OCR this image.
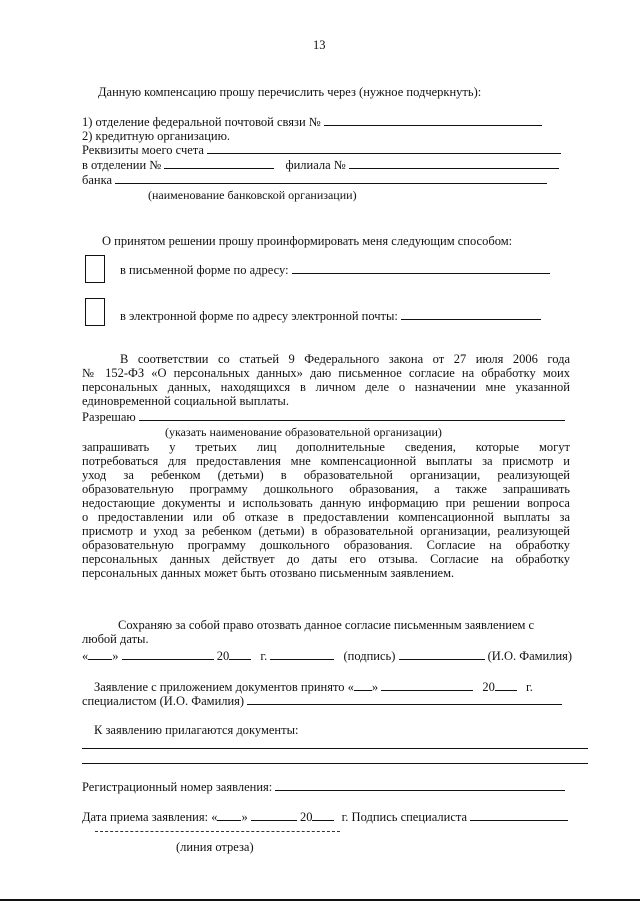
13
Данную компенсацию прошу перечислить через (нужное подчеркнуть):
1) отделение федеральной почтовой связи №
2) кредитную организацию.
Реквизиты моего счета
в отделении №	филиала №
банка
(наименование банковской организации)
О принятом решении прошу проинформировать меня следующим способом:
в письменной форме по адресу:
в электронной форме по адресу электронной почты:
В соответствии со статьей 9 Федерального закона от 27 июля 2006 года
№ 152-ФЗ «О персональных данных» даю письменное согласие на обработку моих
персональных данных, находящихся в личном деле о назначении мне указанной
единовременной социальной выплаты.
Разрешаю
(указать наименование образовательной организации)
запрашивать у третьих лиц дополнительные сведения, которые могут
потребоваться для предоставления мне компенсационной выплаты за присмотр и
уход за ребенком (детьми) в образовательной организации, реализующей
образовательную программу дошкольного образования, а также запрашивать
недостающие документы и использовать данную информацию при решении вопроса
о предоставлении или об отказе в предоставлении компенсационной выплаты за
присмотр и уход за ребенком (детьми) в образовательной организации, реализующей
образовательную программу дошкольного образования. Согласие на обработку
персональных данных действует до даты его отзыва. Согласие на обработку
персональных данных может быть отозвано письменным заявлением.
Сохраняю за собой право отозвать данное согласие письменным заявлением с
любой даты.
« »	20 г.	(подпись)	(И.О. Фамилия)
Заявление с приложением документов принято « »	20 г.
специалистом (И.О. Фамилия)
К заявлению прилагаются документы:
Регистрационный номер заявления:
Дата приема заявления: « »	20 г. Подпись специалиста
(линия отреза)
